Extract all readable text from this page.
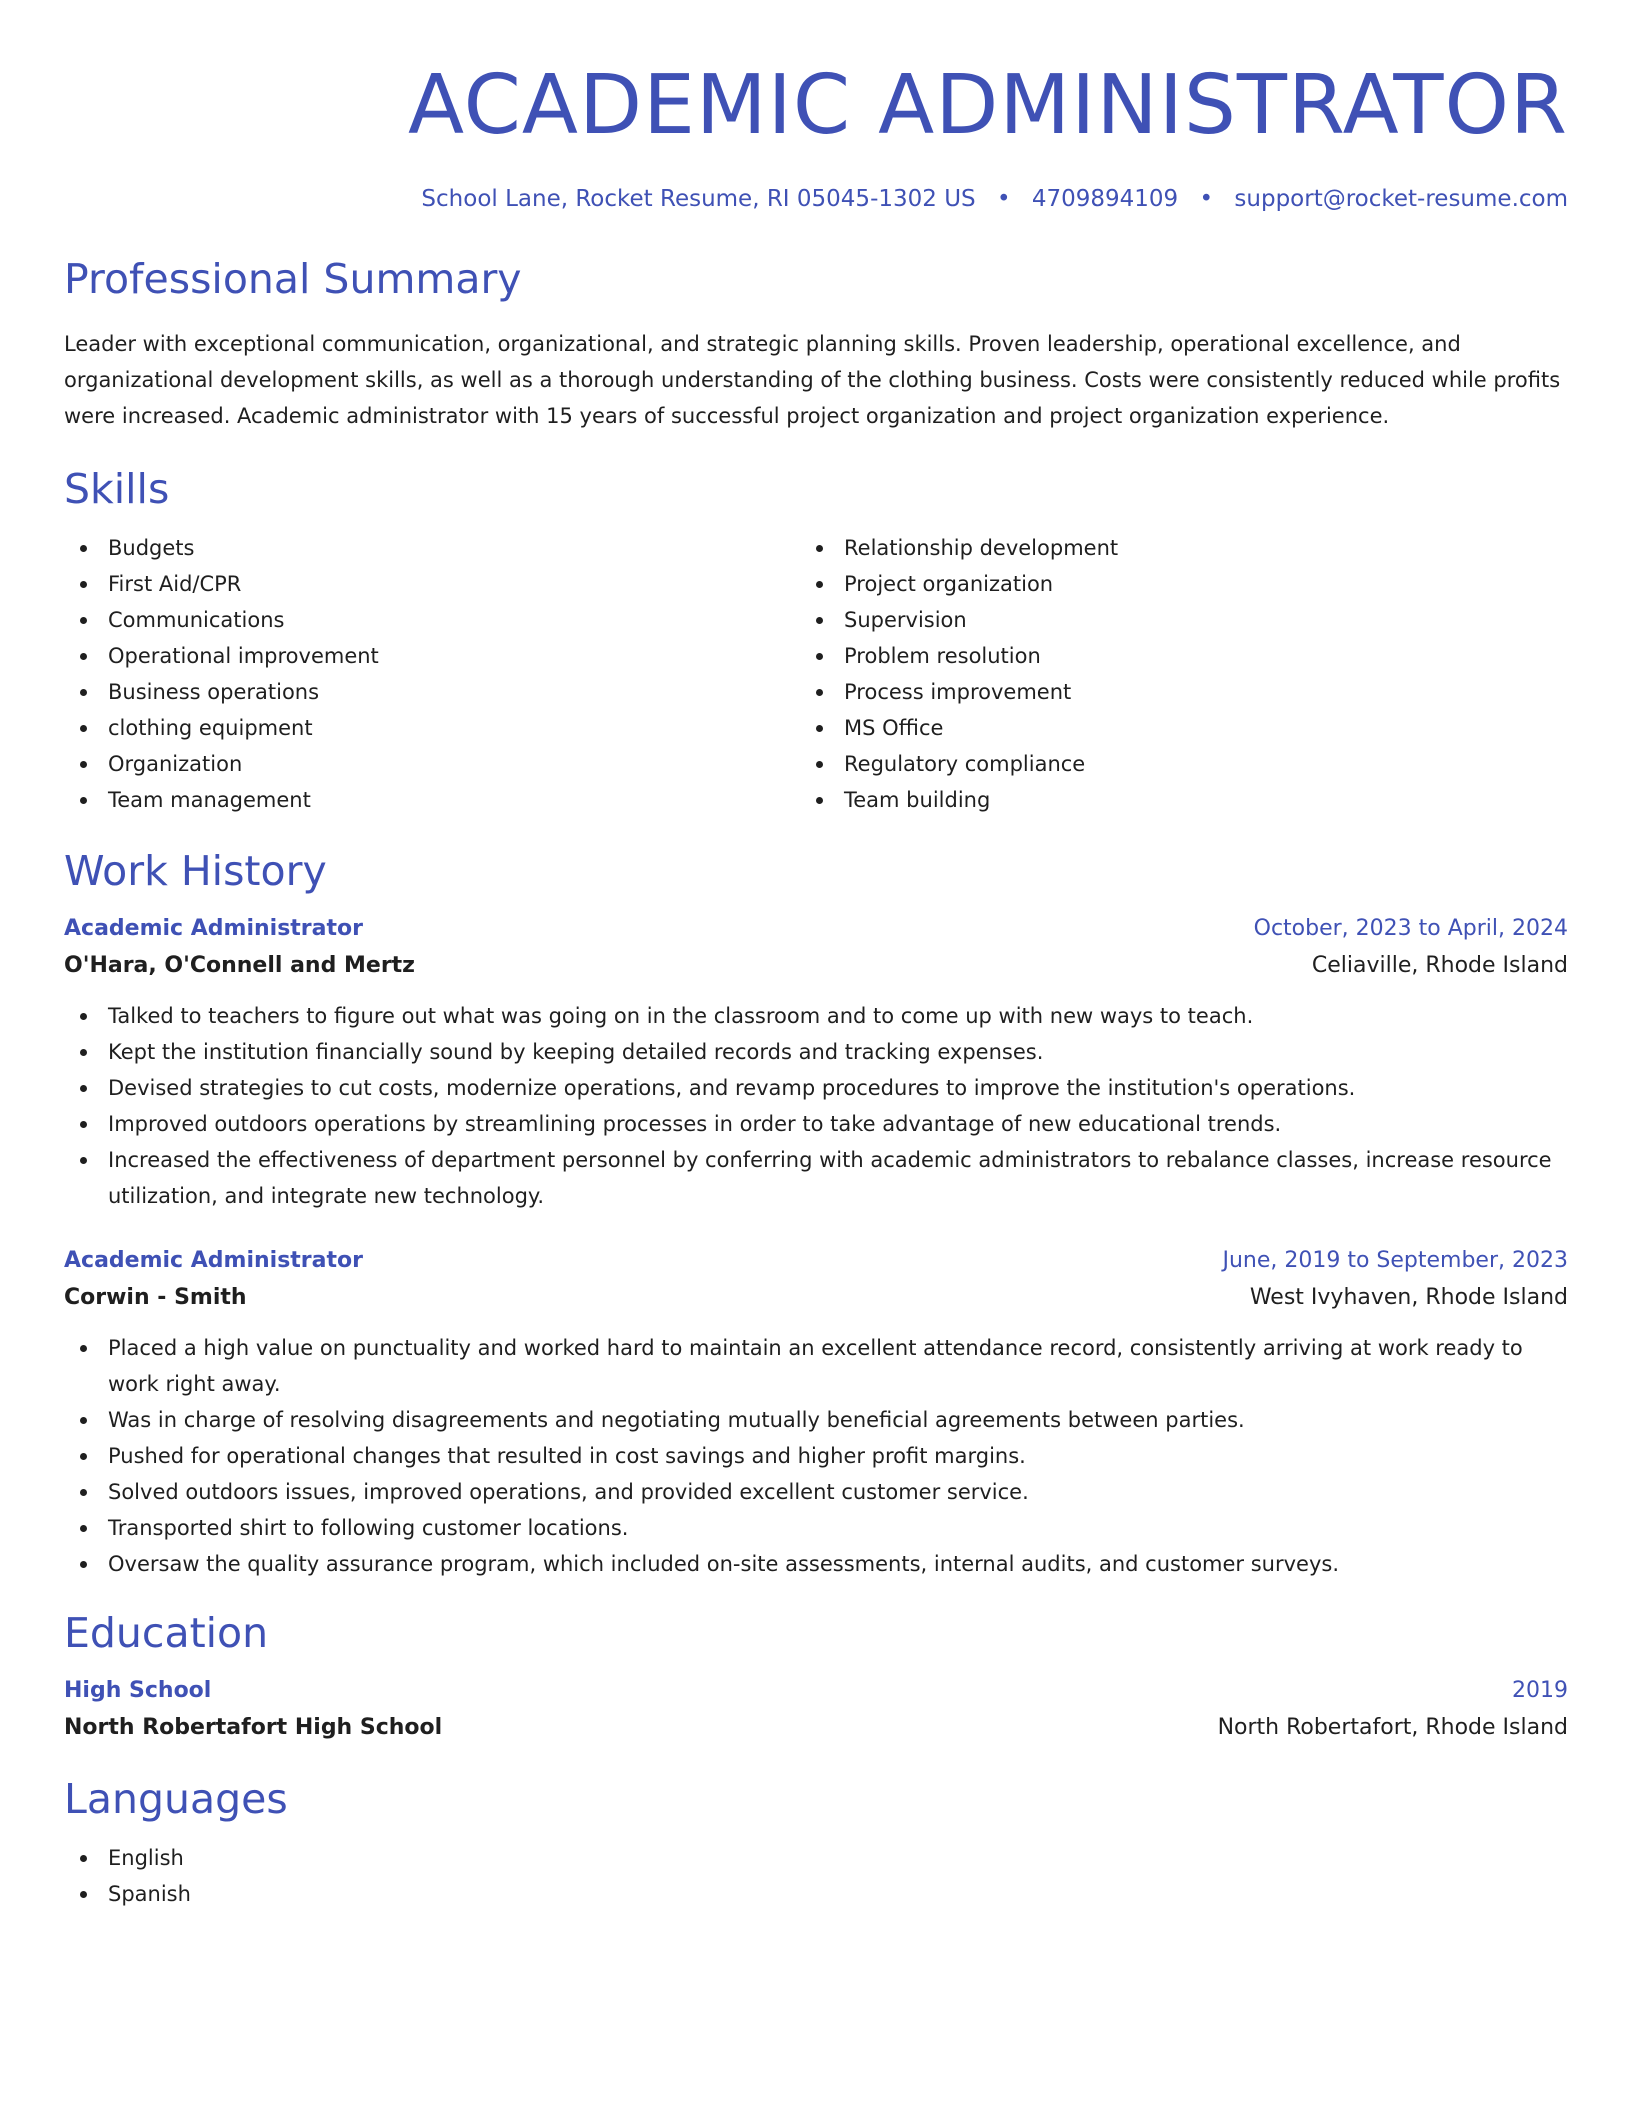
ACADEMIC ADMINISTRATOR
School Lane, Rocket Resume, RI 05045-1302 US • 4709894109 • support@rocket-resume.com
Professional Summary
Leader with exceptional communication, organizational, and strategic planning skills. Proven leadership, operational excellence, and organizational development skills, as well as a thorough understanding of the clothing business. Costs were consistently reduced while profits were increased. Academic administrator with 15 years of successful project organization and project organization experience.
Skills
Budgets
First Aid/CPR
Communications
Operational improvement
Business operations
clothing equipment
Organization
Team management
Relationship development
Project organization
Supervision
Problem resolution
Process improvement
MS Office
Regulatory compliance
Team building
Work History
Academic Administrator	October, 2023 to April, 2024
O'Hara, O'Connell and Mertz	Celiaville, Rhode Island
Talked to teachers to figure out what was going on in the classroom and to come up with new ways to teach.
Kept the institution financially sound by keeping detailed records and tracking expenses.
Devised strategies to cut costs, modernize operations, and revamp procedures to improve the institution's operations.
Improved outdoors operations by streamlining processes in order to take advantage of new educational trends.
Increased the effectiveness of department personnel by conferring with academic administrators to rebalance classes, increase resource utilization, and integrate new technology.
Academic Administrator	June, 2019 to September, 2023
Corwin - Smith	West Ivyhaven, Rhode Island
Placed a high value on punctuality and worked hard to maintain an excellent attendance record, consistently arriving at work ready to work right away.
Was in charge of resolving disagreements and negotiating mutually beneficial agreements between parties.
Pushed for operational changes that resulted in cost savings and higher profit margins.
Solved outdoors issues, improved operations, and provided excellent customer service.
Transported shirt to following customer locations.
Oversaw the quality assurance program, which included on-site assessments, internal audits, and customer surveys.
Education
High School	2019
North Robertafort High School	North Robertafort, Rhode Island
Languages
English
Spanish
